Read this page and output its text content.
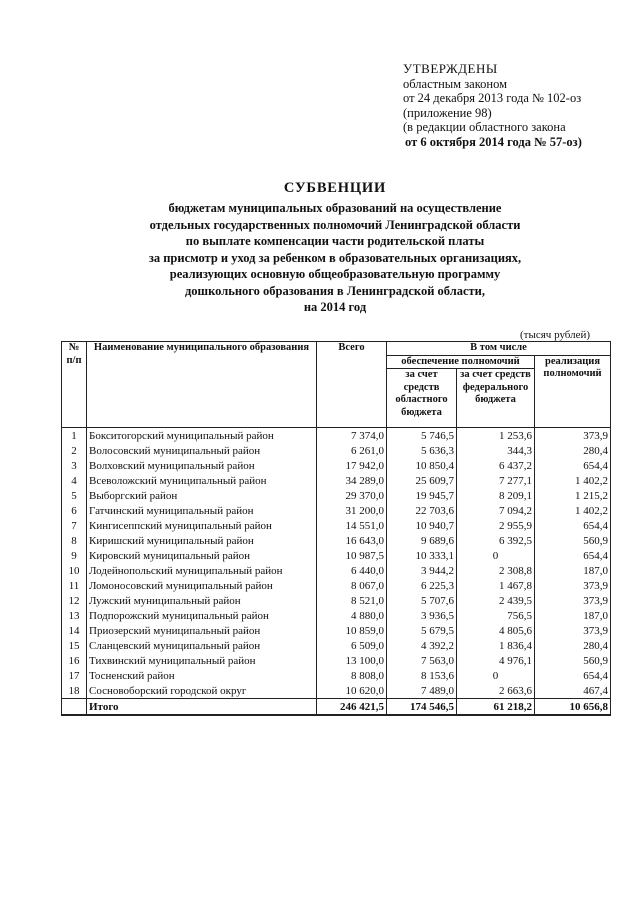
УТВЕРЖДЕНЫ
областным законом
от 24 декабря 2013 года № 102-оз
(приложение 98)
(в редакции областного закона
от 6 октября 2014 года № 57-оз)
СУБВЕНЦИИ
бюджетам муниципальных образований на осуществление
отдельных государственных полномочий Ленинградской области
по выплате компенсации части родительской платы
за присмотр и уход за ребенком в образовательных организациях,
реализующих основную общеобразовательную программу
дошкольного образования в Ленинградской области,
на 2014 год
(тысяч рублей)
№ п/п	Наименование муниципального образования	Всего	В том числе		
			обеспечение полномочий		реализация полномочий
			за счет средств областного бюджета	за счет средств федерального бюджета	
1	Бокситогорский муниципальный район	7 374,0	5 746,5	1 253,6	373,9
2	Волосовский муниципальный район	6 261,0	5 636,3	344,3	280,4
3	Волховский муниципальный район	17 942,0	10 850,4	6 437,2	654,4
4	Всеволожский муниципальный район	34 289,0	25 609,7	7 277,1	1 402,2
5	Выборгский район	29 370,0	19 945,7	8 209,1	1 215,2
6	Гатчинский муниципальный район	31 200,0	22 703,6	7 094,2	1 402,2
7	Кингисеппский муниципальный район	14 551,0	10 940,7	2 955,9	654,4
8	Киришский муниципальный район	16 643,0	9 689,6	6 392,5	560,9
9	Кировский муниципальный район	10 987,5	10 333,1	0	654,4
10	Лодейнопольский муниципальный район	6 440,0	3 944,2	2 308,8	187,0
11	Ломоносовский муниципальный район	8 067,0	6 225,3	1 467,8	373,9
12	Лужский муниципальный район	8 521,0	5 707,6	2 439,5	373,9
13	Подпорожский муниципальный район	4 880,0	3 936,5	756,5	187,0
14	Приозерский муниципальный район	10 859,0	5 679,5	4 805,6	373,9
15	Сланцевский муниципальный район	6 509,0	4 392,2	1 836,4	280,4
16	Тихвинский муниципальный район	13 100,0	7 563,0	4 976,1	560,9
17	Тосненский район	8 808,0	8 153,6	0	654,4
18	Сосновоборский городской округ	10 620,0	7 489,0	2 663,6	467,4
	Итого	246 421,5	174 546,5	61 218,2	10 656,8
